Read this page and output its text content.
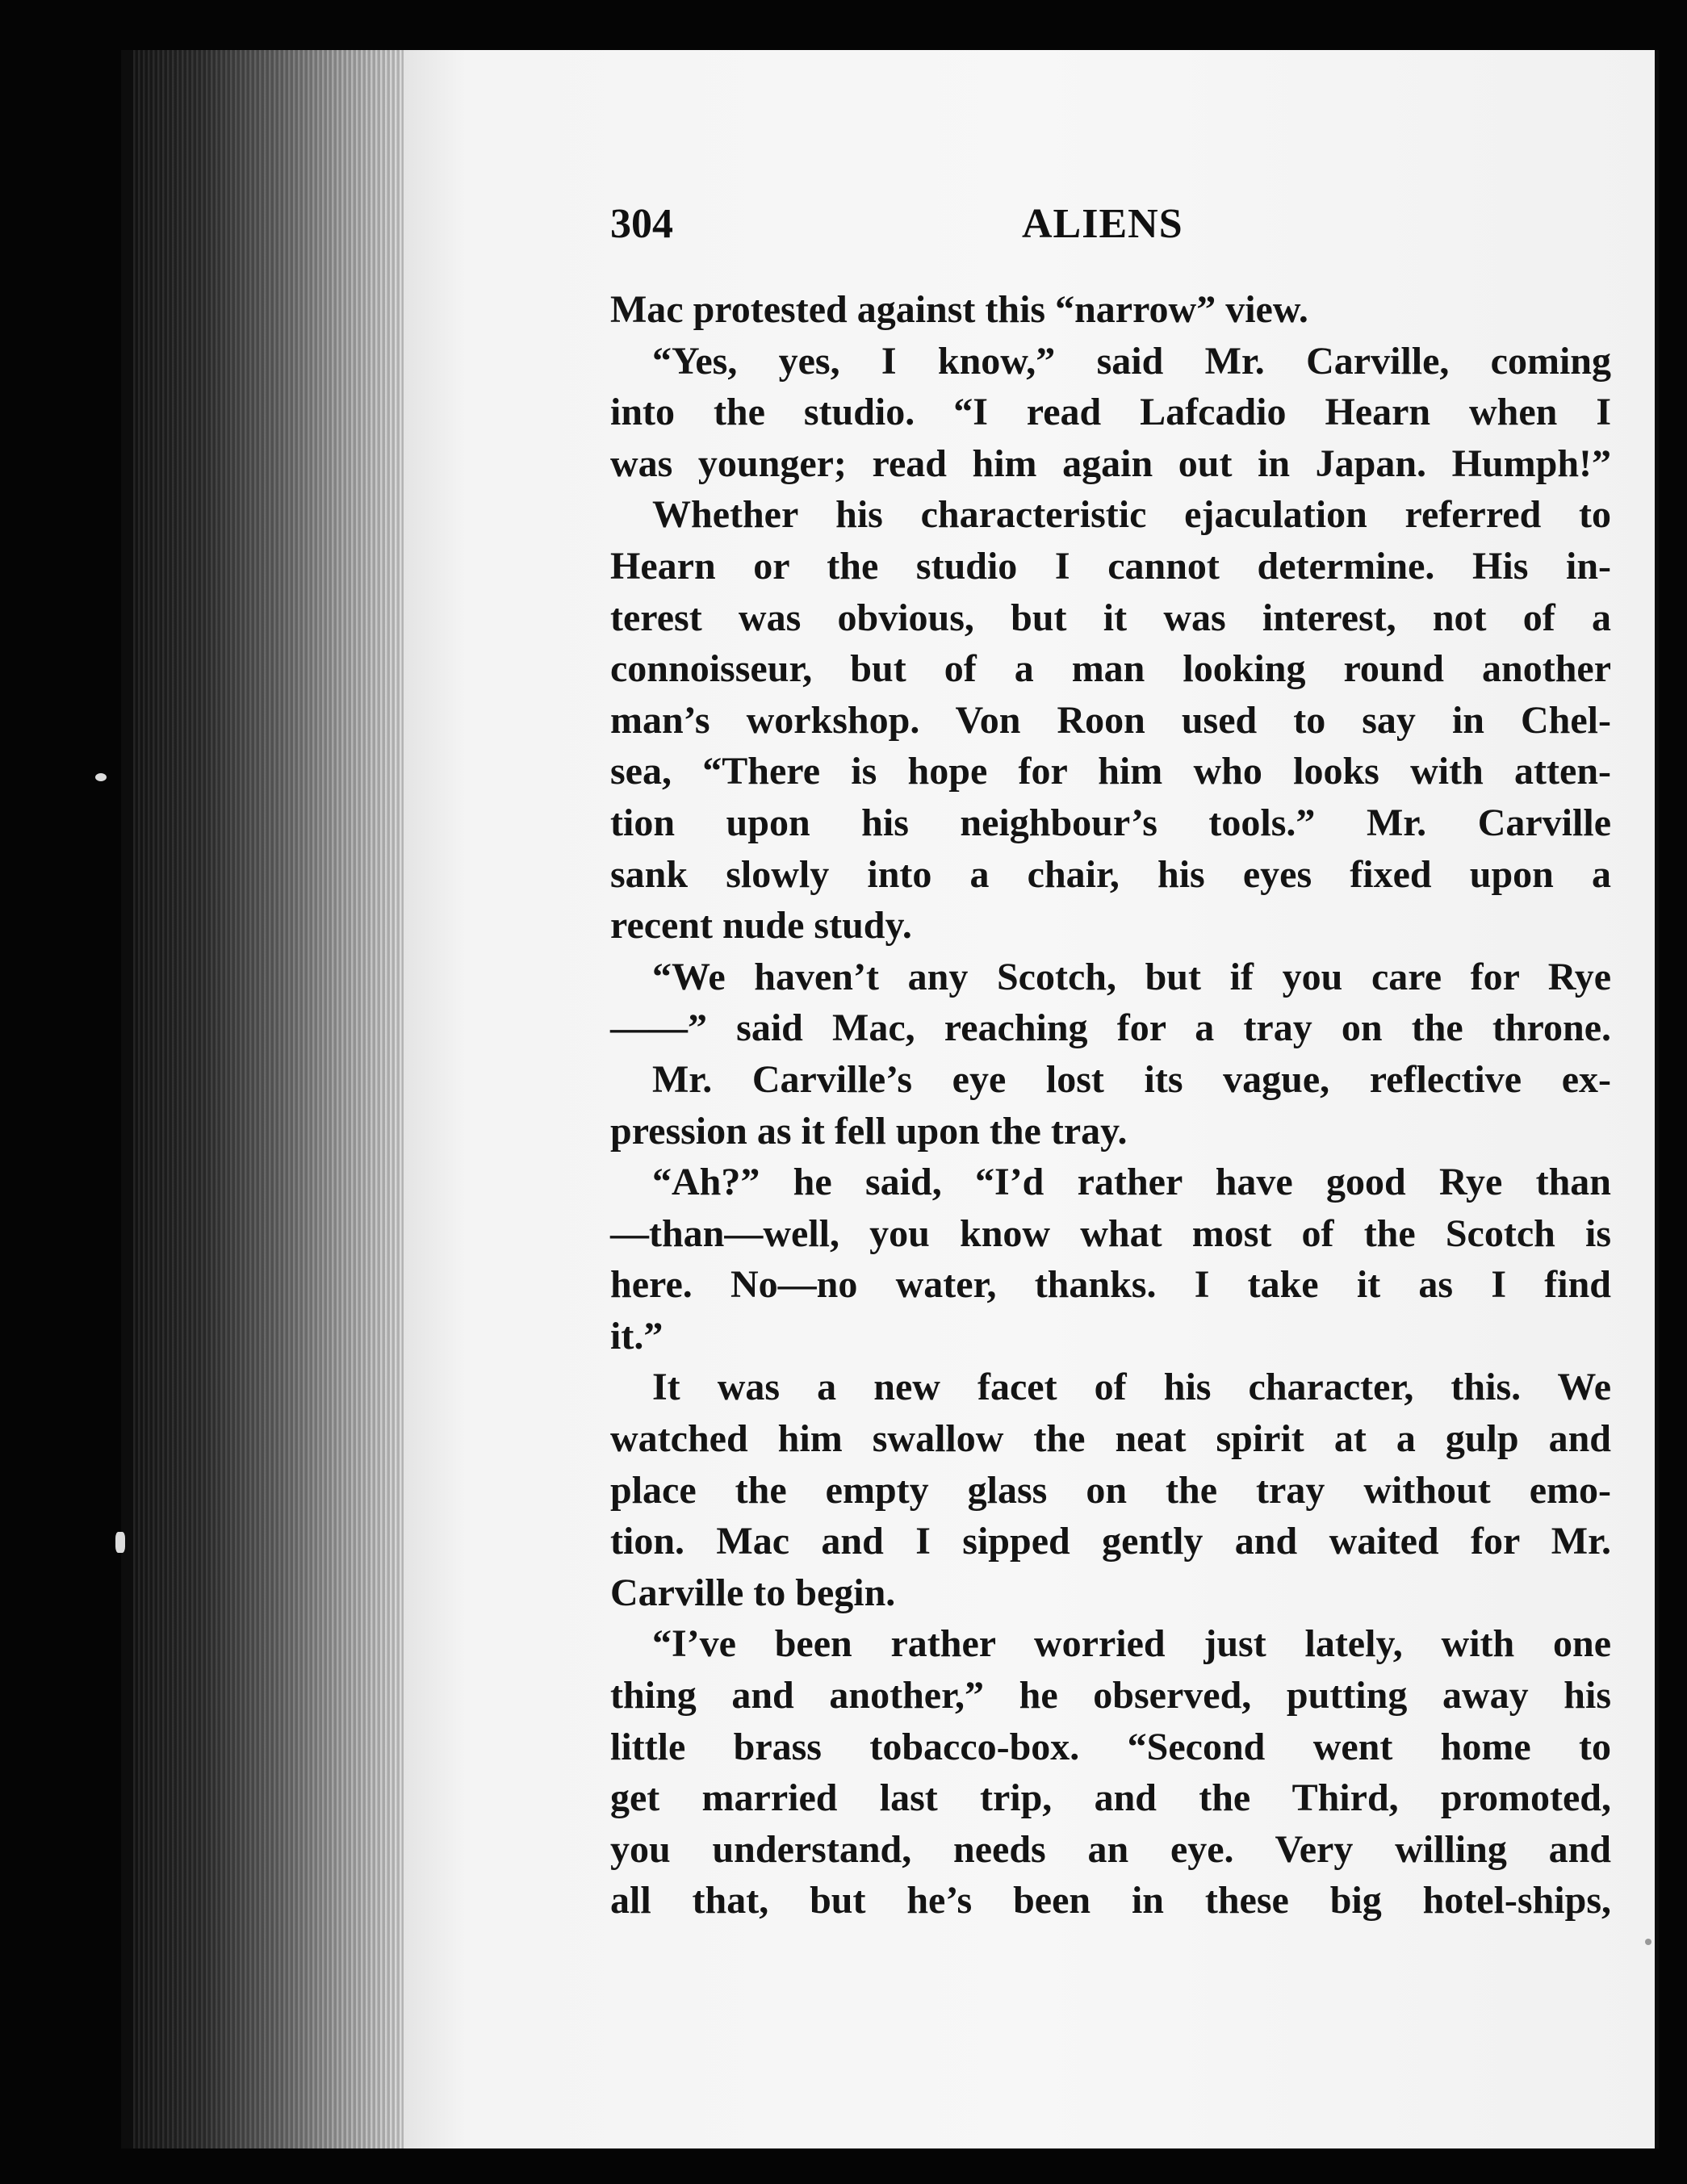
304	ALIENS
Mac protested against this “narrow” view.
“Yes, yes, I know,” said Mr. Carville, coming
into the studio. “I read Lafcadio Hearn when I
was younger; read him again out in Japan. Humph!”
Whether his characteristic ejaculation referred to
Hearn or the studio I cannot determine. His in-
terest was obvious, but it was interest, not of a
connoisseur, but of a man looking round another
man’s workshop. Von Roon used to say in Chel-
sea, “There is hope for him who looks with atten-
tion upon his neighbour’s tools.” Mr. Carville
sank slowly into a chair, his eyes fixed upon a
recent nude study.
“We haven’t any Scotch, but if you care for Rye
——” said Mac, reaching for a tray on the throne.
Mr. Carville’s eye lost its vague, reflective ex-
pression as it fell upon the tray.
“Ah?” he said, “I’d rather have good Rye than
—than—well, you know what most of the Scotch is
here. No—no water, thanks. I take it as I find
it.”
It was a new facet of his character, this. We
watched him swallow the neat spirit at a gulp and
place the empty glass on the tray without emo-
tion. Mac and I sipped gently and waited for Mr.
Carville to begin.
“I’ve been rather worried just lately, with one
thing and another,” he observed, putting away his
little brass tobacco-box. “Second went home to
get married last trip, and the Third, promoted,
you understand, needs an eye. Very willing and
all that, but he’s been in these big hotel-ships,
